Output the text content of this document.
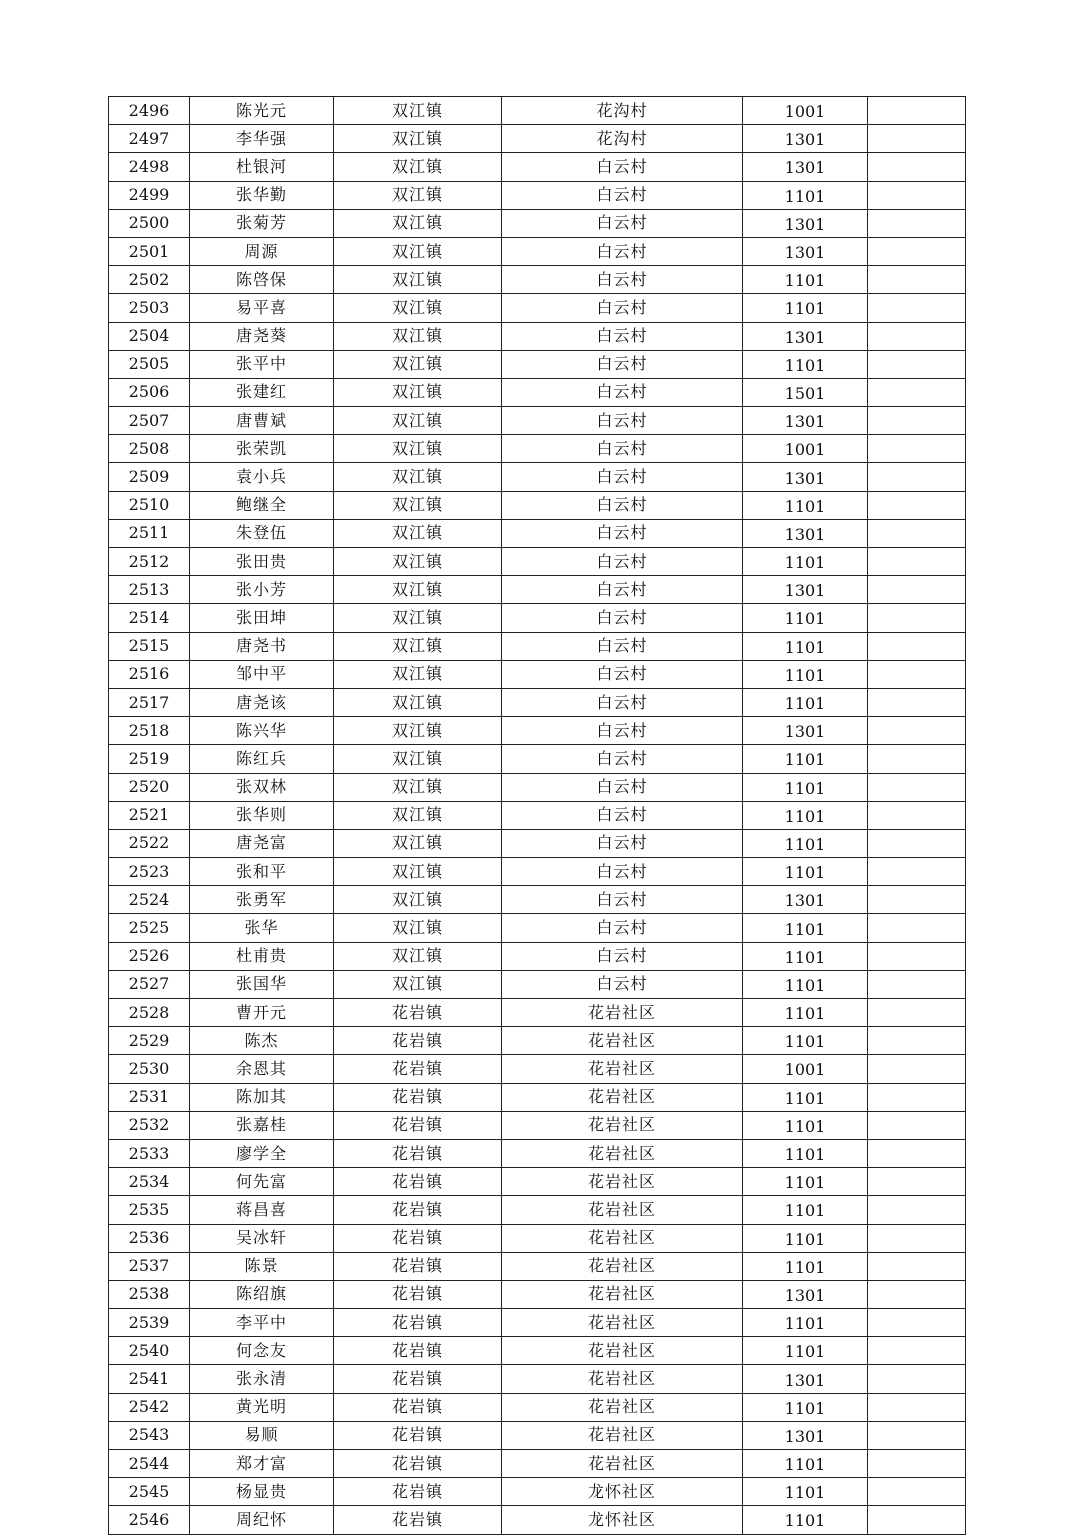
2496	陈光元	双江镇	花沟村	1001	
2497	李华强	双江镇	花沟村	1301	
2498	杜银河	双江镇	白云村	1301	
2499	张华勤	双江镇	白云村	1101	
2500	张菊芳	双江镇	白云村	1301	
2501	周源	双江镇	白云村	1301	
2502	陈啓保	双江镇	白云村	1101	
2503	易平喜	双江镇	白云村	1101	
2504	唐尧葵	双江镇	白云村	1301	
2505	张平中	双江镇	白云村	1101	
2506	张建红	双江镇	白云村	1501	
2507	唐曹斌	双江镇	白云村	1301	
2508	张荣凯	双江镇	白云村	1001	
2509	袁小兵	双江镇	白云村	1301	
2510	鲍继全	双江镇	白云村	1101	
2511	朱登伍	双江镇	白云村	1301	
2512	张田贵	双江镇	白云村	1101	
2513	张小芳	双江镇	白云村	1301	
2514	张田坤	双江镇	白云村	1101	
2515	唐尧书	双江镇	白云村	1101	
2516	邹中平	双江镇	白云村	1101	
2517	唐尧该	双江镇	白云村	1101	
2518	陈兴华	双江镇	白云村	1301	
2519	陈红兵	双江镇	白云村	1101	
2520	张双林	双江镇	白云村	1101	
2521	张华则	双江镇	白云村	1101	
2522	唐尧富	双江镇	白云村	1101	
2523	张和平	双江镇	白云村	1101	
2524	张勇军	双江镇	白云村	1301	
2525	张华	双江镇	白云村	1101	
2526	杜甫贵	双江镇	白云村	1101	
2527	张国华	双江镇	白云村	1101	
2528	曹开元	花岩镇	花岩社区	1101	
2529	陈杰	花岩镇	花岩社区	1101	
2530	余恩其	花岩镇	花岩社区	1001	
2531	陈加其	花岩镇	花岩社区	1101	
2532	张嘉桂	花岩镇	花岩社区	1101	
2533	廖学全	花岩镇	花岩社区	1101	
2534	何先富	花岩镇	花岩社区	1101	
2535	蒋昌喜	花岩镇	花岩社区	1101	
2536	吴冰轩	花岩镇	花岩社区	1101	
2537	陈景	花岩镇	花岩社区	1101	
2538	陈绍旗	花岩镇	花岩社区	1301	
2539	李平中	花岩镇	花岩社区	1101	
2540	何念友	花岩镇	花岩社区	1101	
2541	张永清	花岩镇	花岩社区	1301	
2542	黄光明	花岩镇	花岩社区	1101	
2543	易顺	花岩镇	花岩社区	1301	
2544	郑才富	花岩镇	花岩社区	1101	
2545	杨显贵	花岩镇	龙怀社区	1101	
2546	周纪怀	花岩镇	龙怀社区	1101	
